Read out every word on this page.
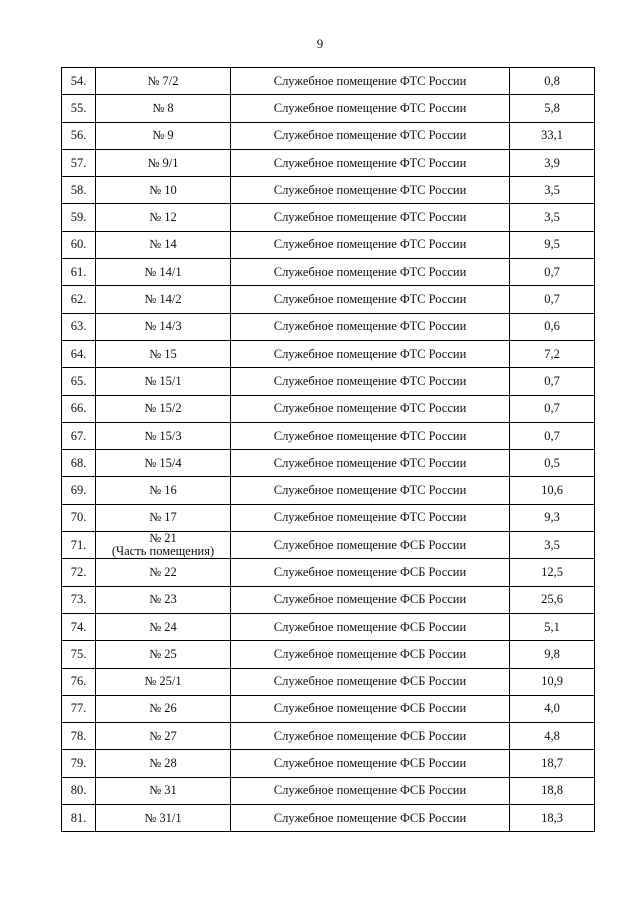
9
54.	№ 7/2	Служебное помещение ФТС России	0,8
55.	№ 8	Служебное помещение ФТС России	5,8
56.	№ 9	Служебное помещение ФТС России	33,1
57.	№ 9/1	Служебное помещение ФТС России	3,9
58.	№ 10	Служебное помещение ФТС России	3,5
59.	№ 12	Служебное помещение ФТС России	3,5
60.	№ 14	Служебное помещение ФТС России	9,5
61.	№ 14/1	Служебное помещение ФТС России	0,7
62.	№ 14/2	Служебное помещение ФТС России	0,7
63.	№ 14/3	Служебное помещение ФТС России	0,6
64.	№ 15	Служебное помещение ФТС России	7,2
65.	№ 15/1	Служебное помещение ФТС России	0,7
66.	№ 15/2	Служебное помещение ФТС России	0,7
67.	№ 15/3	Служебное помещение ФТС России	0,7
68.	№ 15/4	Служебное помещение ФТС России	0,5
69.	№ 16	Служебное помещение ФТС России	10,6
70.	№ 17	Служебное помещение ФТС России	9,3
71.	№ 21
(Часть помещения)	Служебное помещение ФСБ России	3,5
72.	№ 22	Служебное помещение ФСБ России	12,5
73.	№ 23	Служебное помещение ФСБ России	25,6
74.	№ 24	Служебное помещение ФСБ России	5,1
75.	№ 25	Служебное помещение ФСБ России	9,8
76.	№ 25/1	Служебное помещение ФСБ России	10,9
77.	№ 26	Служебное помещение ФСБ России	4,0
78.	№ 27	Служебное помещение ФСБ России	4,8
79.	№ 28	Служебное помещение ФСБ России	18,7
80.	№ 31	Служебное помещение ФСБ России	18,8
81.	№ 31/1	Служебное помещение ФСБ России	18,3
